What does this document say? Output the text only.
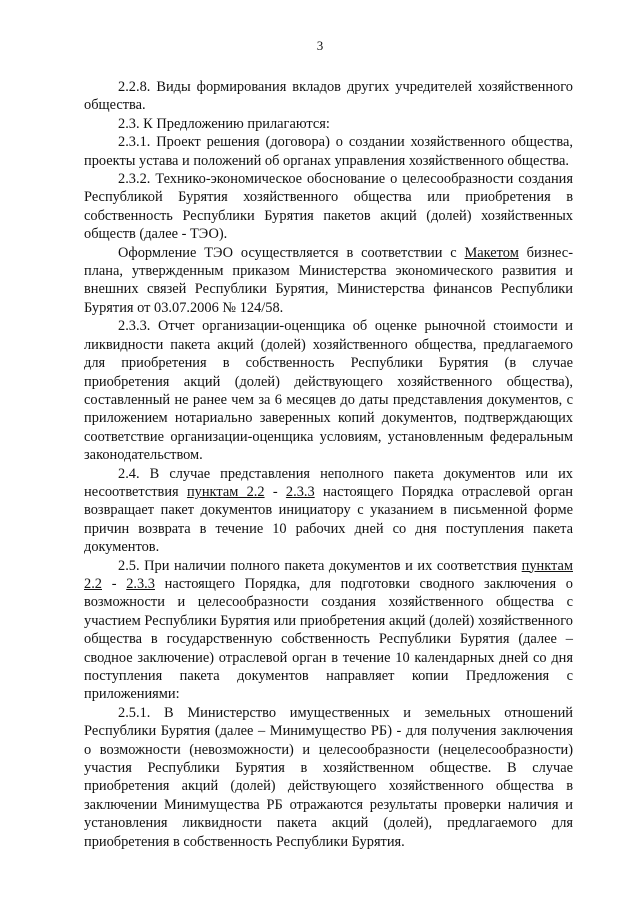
3

2.2.8. Виды формирования вкладов других учредителей хозяйственного общества.

2.3. К Предложению прилагаются:

2.3.1. Проект решения (договора) о создании хозяйственного общества, проекты устава и положений об органах управления хозяйственного общества.

2.3.2. Технико-экономическое обоснование о целесообразности создания Республикой Бурятия хозяйственного общества или приобретения в собственность Республики Бурятия пакетов акций (долей) хозяйственных обществ (далее - ТЭО).

Оформление ТЭО осуществляется в соответствии с Макетом бизнес-плана, утвержденным приказом Министерства экономического развития и внешних связей Республики Бурятия, Министерства финансов Республики Бурятия от 03.07.2006 № 124/58.

2.3.3. Отчет организации-оценщика об оценке рыночной стоимости и ликвидности пакета акций (долей) хозяйственного общества, предлагаемого для приобретения в собственность Республики Бурятия (в случае приобретения акций (долей) действующего хозяйственного общества), составленный не ранее чем за 6 месяцев до даты представления документов, с приложением нотариально заверенных копий документов, подтверждающих соответствие организации-оценщика условиям, установленным федеральным законодательством.

2.4. В случае представления неполного пакета документов или их несоответствия пунктам 2.2 - 2.3.3 настоящего Порядка отраслевой орган возвращает пакет документов инициатору с указанием в письменной форме причин возврата в течение 10 рабочих дней со дня поступления пакета документов.

2.5. При наличии полного пакета документов и их соответствия пунктам 2.2 - 2.3.3 настоящего Порядка, для подготовки сводного заключения о возможности и целесообразности создания хозяйственного общества с участием Республики Бурятия или приобретения акций (долей) хозяйственного общества в государственную собственность Республики Бурятия (далее – сводное заключение) отраслевой орган в течение 10 календарных дней со дня поступления пакета документов направляет копии Предложения с приложениями:

2.5.1. В Министерство имущественных и земельных отношений Республики Бурятия (далее – Минимущество РБ) - для получения заключения о возможности (невозможности) и целесообразности (нецелесообразности) участия Республики Бурятия в хозяйственном обществе. В случае приобретения акций (долей) действующего хозяйственного общества в заключении Минимущества РБ отражаются результаты проверки наличия и установления ликвидности пакета акций (долей), предлагаемого для приобретения в собственность Республики Бурятия.
